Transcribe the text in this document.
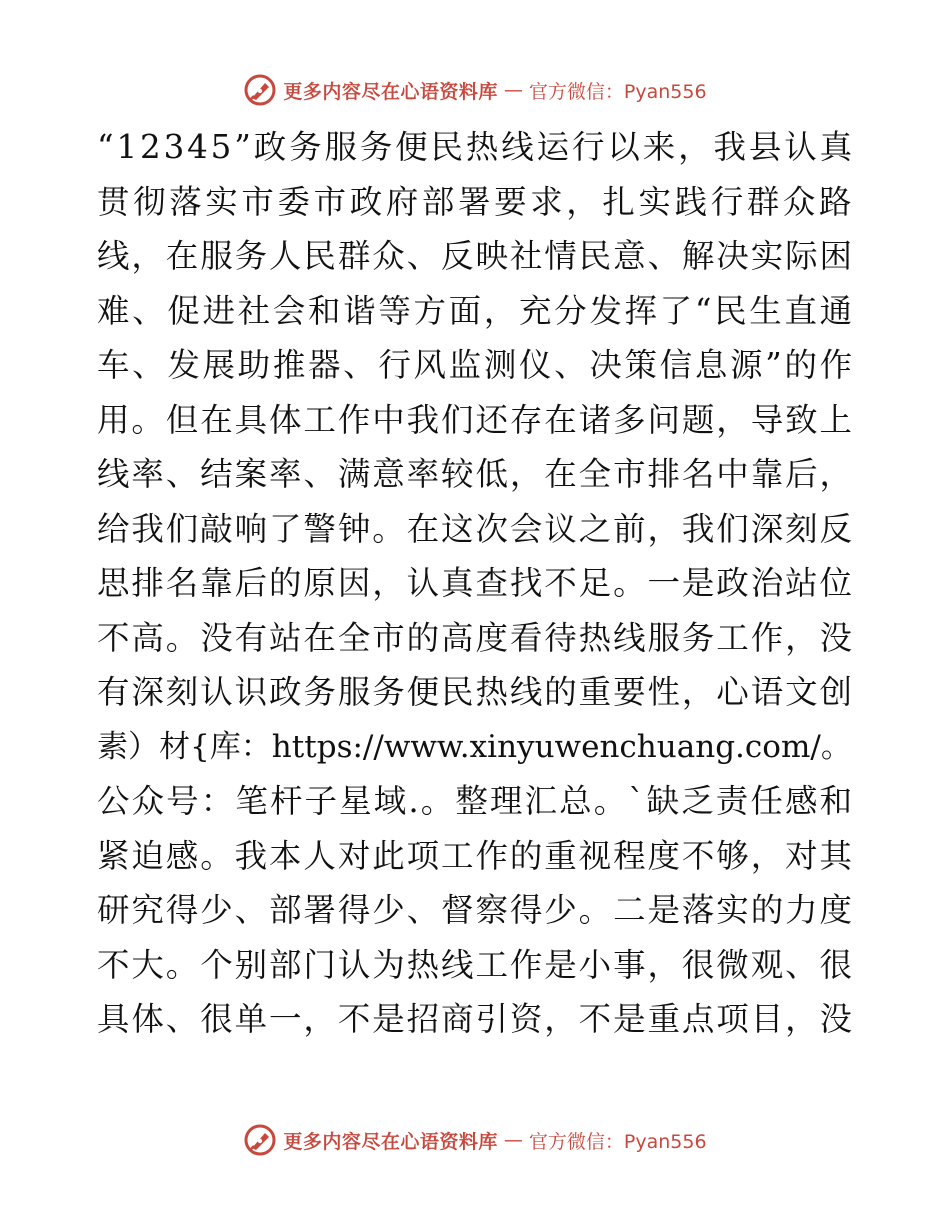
更多内容尽在心语资料库 — 官方微信：Pyan556
“12345”政务服务便民热线运行以来，我县认真
贯彻落实市委市政府部署要求，扎实践行群众路
线，在服务人民群众、反映社情民意、解决实际困
难、促进社会和谐等方面，充分发挥了“民生直通
车、发展助推器、行风监测仪、决策信息源”的作
用。但在具体工作中我们还存在诸多问题，导致上
线率、结案率、满意率较低，在全市排名中靠后，
给我们敲响了警钟。在这次会议之前，我们深刻反
思排名靠后的原因，认真查找不足。一是政治站位
不高。没有站在全市的高度看待热线服务工作，没
有深刻认识政务服务便民热线的重要性，心语文创
素）材{库：https://www.xinyuwenchuang.com/。
公众号：笔杆子星域.。整理汇总。`缺乏责任感和
紧迫感。我本人对此项工作的重视程度不够，对其
研究得少、部署得少、督察得少。二是落实的力度
不大。个别部门认为热线工作是小事，很微观、很
具体、很单一，不是招商引资，不是重点项目，没
更多内容尽在心语资料库 — 官方微信：Pyan556
